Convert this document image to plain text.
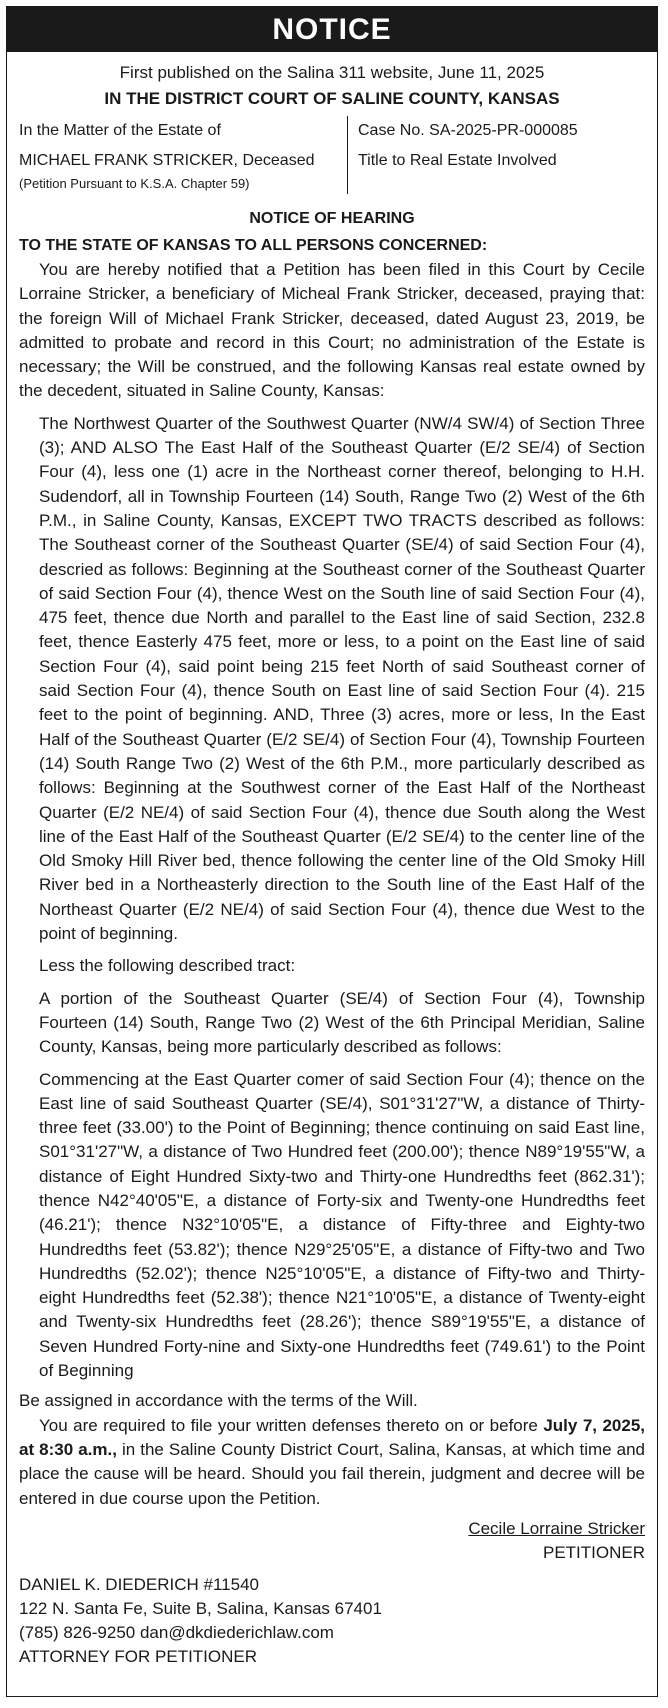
NOTICE
First published on the Salina 311 website, June 11, 2025
IN THE DISTRICT COURT OF SALINE COUNTY, KANSAS
In the Matter of the Estate of
MICHAEL FRANK STRICKER, Deceased
(Petition Pursuant to K.S.A. Chapter 59)
Case No. SA-2025-PR-000085
Title to Real Estate Involved
NOTICE OF HEARING
TO THE STATE OF KANSAS TO ALL PERSONS CONCERNED:

You are hereby notified that a Petition has been filed in this Court by Cecile Lorraine Stricker, a beneficiary of Micheal Frank Stricker, deceased, praying that: the foreign Will of Michael Frank Stricker, deceased, dated August 23, 2019, be admitted to probate and record in this Court; no administration of the Estate is necessary; the Will be construed, and the following Kansas real estate owned by the decedent, situated in Saline County, Kansas:

The Northwest Quarter of the Southwest Quarter (NW/4 SW/4) of Section Three (3); AND ALSO The East Half of the Southeast Quarter (E/2 SE/4) of Section Four (4), less one (1) acre in the Northeast corner thereof, belonging to H.H. Sudendorf, all in Township Fourteen (14) South, Range Two (2) West of the 6th P.M., in Saline County, Kansas, EXCEPT TWO TRACTS described as follows: The Southeast corner of the Southeast Quarter (SE/4) of said Section Four (4), descried as follows: Beginning at the Southeast corner of the Southeast Quarter of said Section Four (4), thence West on the South line of said Section Four (4), 475 feet, thence due North and parallel to the East line of said Section, 232.8 feet, thence Easterly 475 feet, more or less, to a point on the East line of said Section Four (4), said point being 215 feet North of said Southeast corner of said Section Four (4), thence South on East line of said Section Four (4). 215 feet to the point of beginning. AND, Three (3) acres, more or less, In the East Half of the Southeast Quarter (E/2 SE/4) of Section Four (4), Township Fourteen (14) South Range Two (2) West of the 6th P.M., more particularly described as follows: Beginning at the Southwest corner of the East Half of the Northeast Quarter (E/2 NE/4) of said Section Four (4), thence due South along the West line of the East Half of the Southeast Quarter (E/2 SE/4) to the center line of the Old Smoky Hill River bed, thence following the center line of the Old Smoky Hill River bed in a Northeasterly direction to the South line of the East Half of the Northeast Quarter (E/2 NE/4) of said Section Four (4), thence due West to the point of beginning.

Less the following described tract:

A portion of the Southeast Quarter (SE/4) of Section Four (4), Township Fourteen (14) South, Range Two (2) West of the 6th Principal Meridian, Saline County, Kansas, being more particularly described as follows:

Commencing at the East Quarter comer of said Section Four (4); thence on the East line of said Southeast Quarter (SE/4), S01°31'27"W, a distance of Thirty-three feet (33.00') to the Point of Beginning; thence continuing on said East line, S01°31'27"W, a distance of Two Hundred feet (200.00'); thence N89°19'55"W, a distance of Eight Hundred Sixty-two and Thirty-one Hundredths feet (862.31'); thence N42°40'05"E, a distance of Forty-six and Twenty-one Hundredths feet (46.21'); thence N32°10'05"E, a distance of Fifty-three and Eighty-two Hundredths feet (53.82'); thence N29°25'05"E, a distance of Fifty-two and Two Hundredths (52.02'); thence N25°10'05"E, a distance of Fifty-two and Thirty-eight Hundredths feet (52.38'); thence N21°10'05"E, a distance of Twenty-eight and Twenty-six Hundredths feet (28.26'); thence S89°19'55"E, a distance of Seven Hundred Forty-nine and Sixty-one Hundredths feet (749.61') to the Point of Beginning

Be assigned in accordance with the terms of the Will.

You are required to file your written defenses thereto on or before July 7, 2025, at 8:30 a.m., in the Saline County District Court, Salina, Kansas, at which time and place the cause will be heard. Should you fail therein, judgment and decree will be entered in due course upon the Petition.

Cecile Lorraine Stricker
PETITIONER
DANIEL K. DIEDERICH #11540
122 N. Santa Fe, Suite B, Salina, Kansas 67401
(785) 826-9250 dan@dkdiederichlaw.com
ATTORNEY FOR PETITIONER
